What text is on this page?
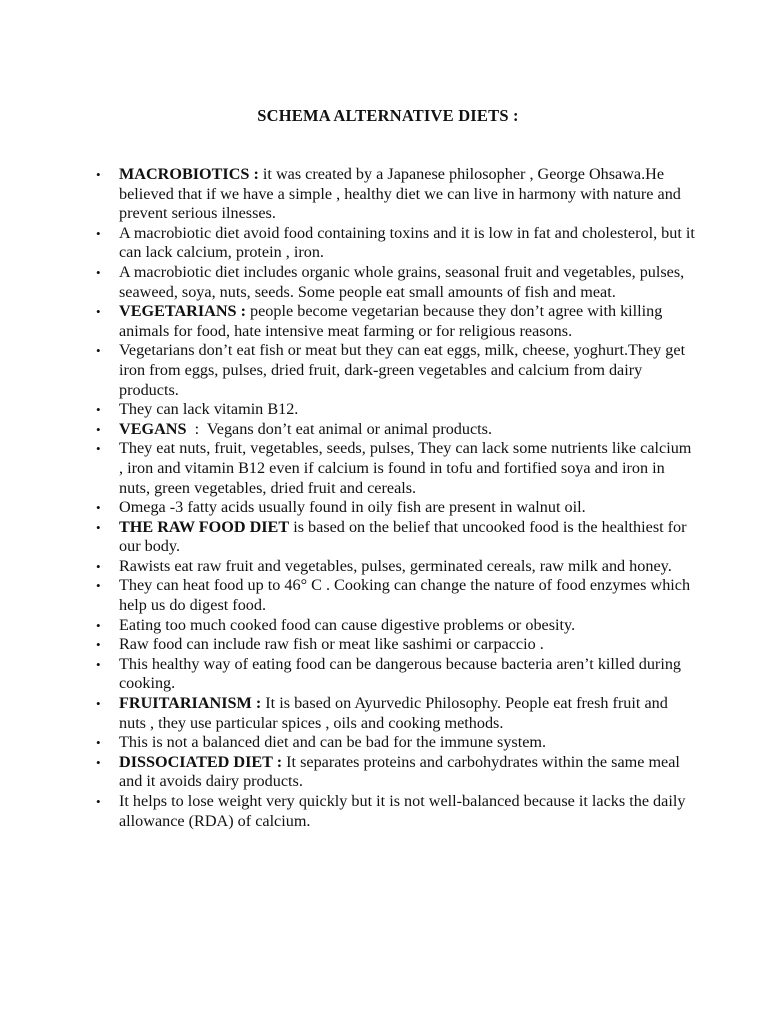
SCHEMA ALTERNATIVE DIETS :
• MACROBIOTICS : it was created by a Japanese philosopher , George Ohsawa.He believed that if we have a simple , healthy diet we can live in harmony with nature and prevent serious ilnesses.
• A macrobiotic diet avoid food containing toxins and it is low in fat and cholesterol, but it can lack calcium, protein , iron.
• A macrobiotic diet includes organic whole grains, seasonal fruit and vegetables, pulses, seaweed, soya, nuts, seeds. Some people eat small amounts of fish and meat.
• VEGETARIANS : people become vegetarian because they don’t agree with killing animals for food, hate intensive meat farming or for religious reasons.
• Vegetarians don’t eat fish or meat but they can eat eggs, milk, cheese, yoghurt.They get iron from eggs, pulses, dried fruit, dark-green vegetables and calcium from dairy products.
• They can lack vitamin B12.
• VEGANS  :  Vegans don’t eat animal or animal products.
• They eat nuts, fruit, vegetables, seeds, pulses, They can lack some nutrients like calcium , iron and vitamin B12 even if calcium is found in tofu and fortified soya and iron in nuts, green vegetables, dried fruit and cereals.
• Omega -3 fatty acids usually found in oily fish are present in walnut oil.
• THE RAW FOOD DIET is based on the belief that uncooked food is the healthiest for our body.
• Rawists eat raw fruit and vegetables, pulses, germinated cereals, raw milk and honey.
• They can heat food up to 46° C . Cooking can change the nature of food enzymes which help us do digest food.
• Eating too much cooked food can cause digestive problems or obesity.
• Raw food can include raw fish or meat like sashimi or carpaccio .
• This healthy way of eating food can be dangerous because bacteria aren’t killed during cooking.
• FRUITARIANISM : It is based on Ayurvedic Philosophy. People eat fresh fruit and nuts , they use particular spices , oils and cooking methods.
• This is not a balanced diet and can be bad for the immune system.
• DISSOCIATED DIET : It separates proteins and carbohydrates within the same meal and it avoids dairy products.
• It helps to lose weight very quickly but it is not well-balanced because it lacks the daily allowance (RDA) of calcium.
